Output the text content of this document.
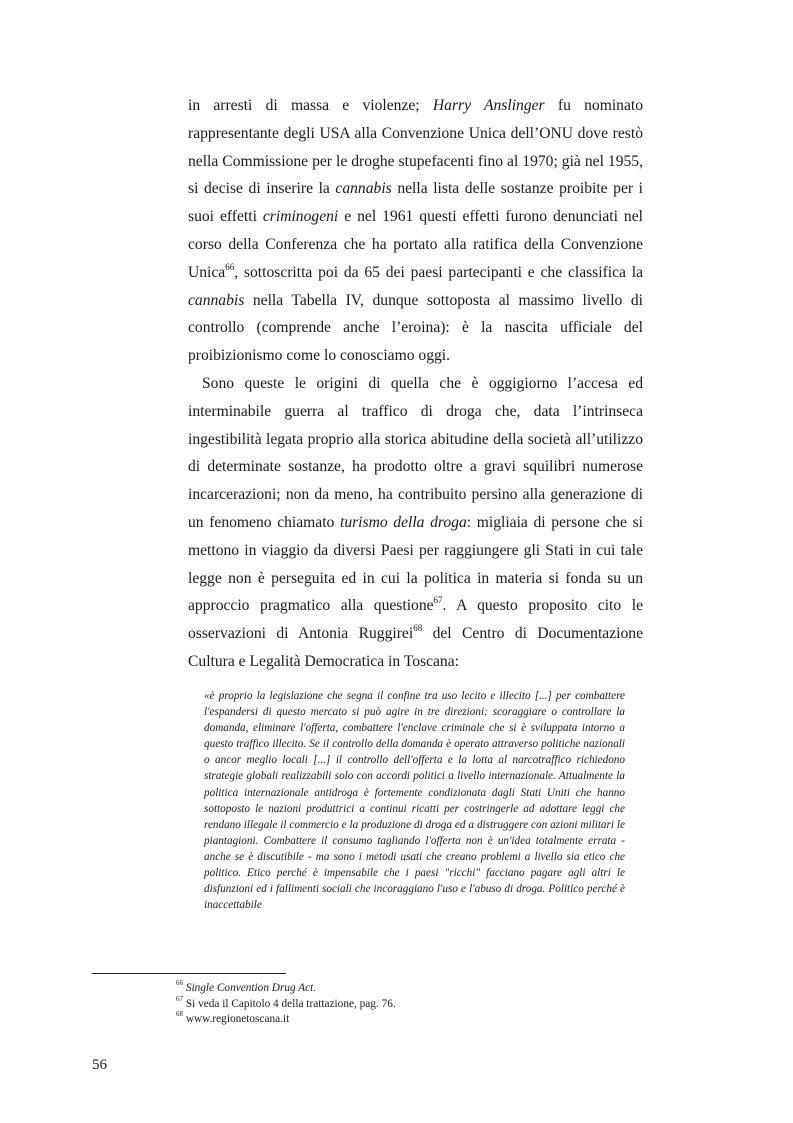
in arresti di massa e violenze; Harry Anslinger fu nominato rappresentante degli USA alla Convenzione Unica dell’ONU dove restò nella Commissione per le droghe stupefacenti fino al 1970; già nel 1955, si decise di inserire la cannabis nella lista delle sostanze proibite per i suoi effetti criminogeni e nel 1961 questi effetti furono denunciati nel corso della Conferenza che ha portato alla ratifica della Convenzione Unica$^{66}$, sottoscritta poi da 65 dei paesi partecipanti e che classifica la cannabis nella Tabella IV, dunque sottoposta al massimo livello di controllo (comprende anche l’eroina): è la nascita ufficiale del proibizionismo come lo conosciamo oggi.

Sono queste le origini di quella che è oggigiorno l’accesa ed interminabile guerra al traffico di droga che, data l’intrinseca ingestibilità legata proprio alla storica abitudine della società all’utilizzo di determinate sostanze, ha prodotto oltre a gravi squilibri numerose incarcerazioni; non da meno, ha contribuito persino alla generazione di un fenomeno chiamato turismo della droga: migliaia di persone che si mettono in viaggio da diversi Paesi per raggiungere gli Stati in cui tale legge non è perseguita ed in cui la politica in materia si fonda su un approccio pragmatico alla questione$^{67}$. A questo proposito cito le osservazioni di Antonia Ruggirei$^{68}$ del Centro di Documentazione Cultura e Legalità Democratica in Toscana:

«è proprio la legislazione che segna il confine tra uso lecito e illecito [...] per combattere l'espandersi di questo mercato si può agire in tre direzioni: scoraggiare o controllare la domanda, eliminare l'offerta, combattere l'enclave criminale che si è sviluppata intorno a questo traffico illecito. Se il controllo della domanda è operato attraverso politiche nazionali o ancor meglio locali [...] il controllo dell'offerta e la lotta al narcotraffico richiedono strategie globali realizzabili solo con accordi politici a livello internazionale. Attualmente la politica internazionale antidroga è fortemente condizionata dagli Stati Uniti che hanno sottoposto le nazioni produttrici a continui ricatti per costringerle ad adottare leggi che rendano illegale il commercio e la produzione di droga ed a distruggere con azioni militari le piantagioni. Combattere il consumo tagliando l'offerta non è un'idea totalmente errata - anche se è discutibile - ma sono i metodi usati che creano problemi a livello sia etico che politico. Etico perché è impensabile che i paesi "ricchi" facciano pagare agli altri le disfunzioni ed i fallimenti sociali che incoraggiano l'uso e l'abuso di droga. Politico perché è inaccettabile

$^{66}$ Single Convention Drug Act.

$^{67}$ Si veda il Capitolo 4 della trattazione, pag. 76.

$^{68}$ www.regionetoscana.it

56
